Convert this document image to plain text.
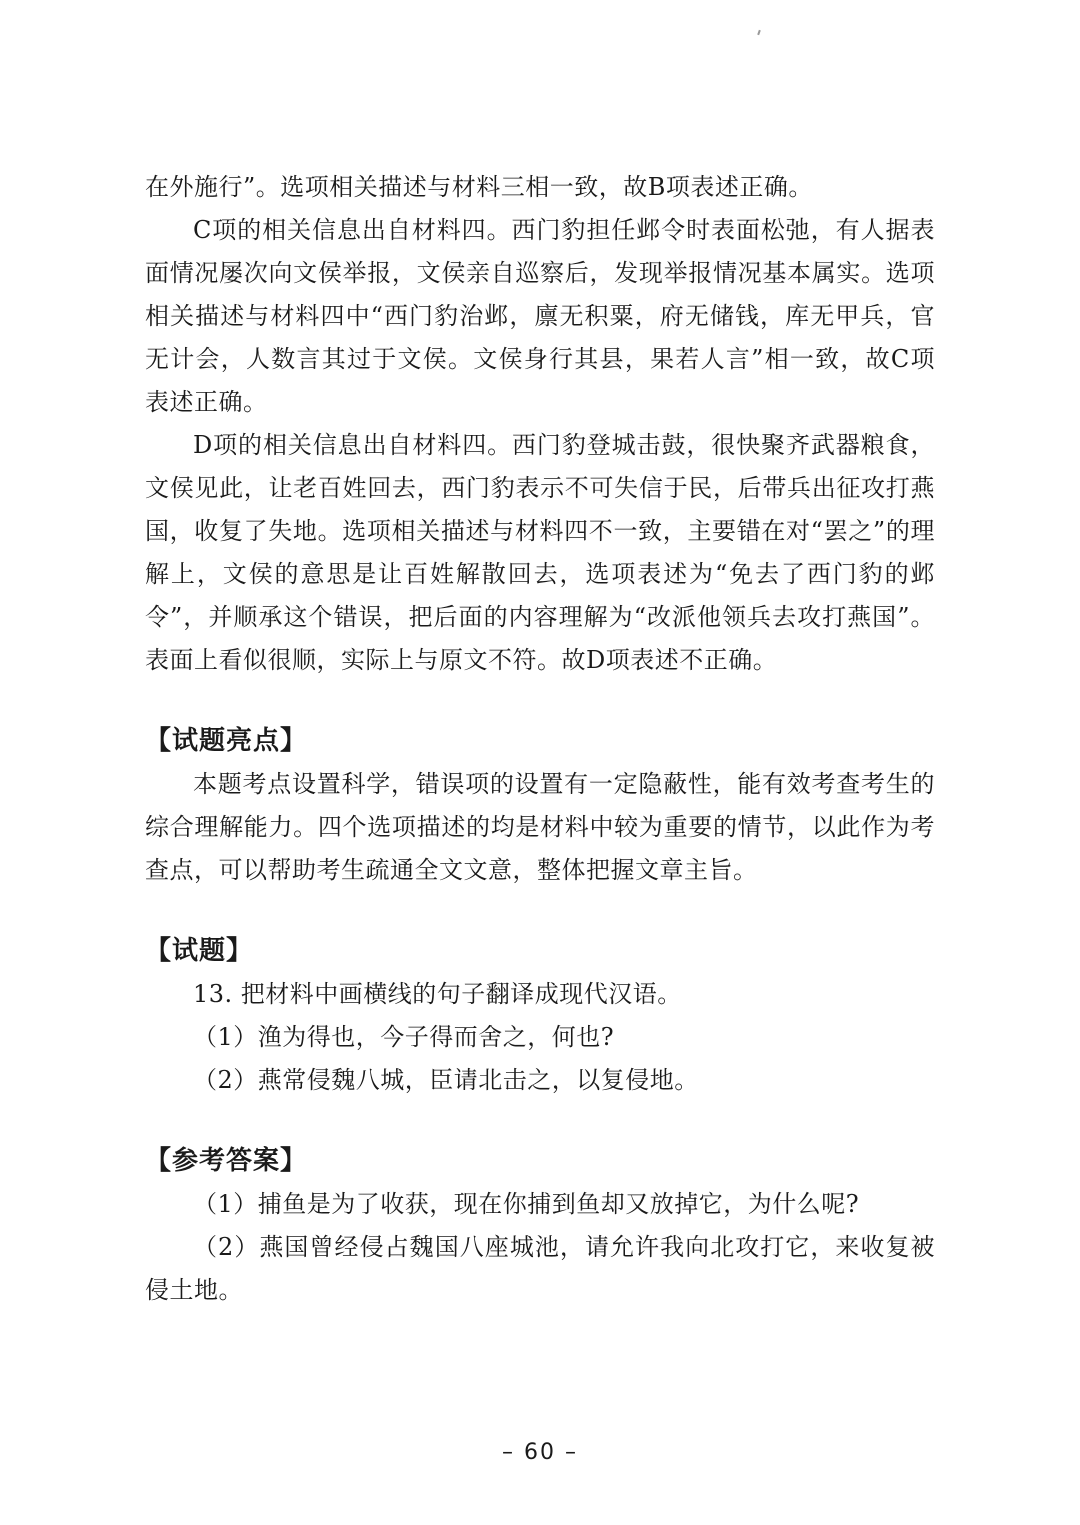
在外施行”。选项相关描述与材料三相一致，故B项表述正确。

C项的相关信息出自材料四。西门豹担任邺令时表面松弛，有人据表面情况屡次向文侯举报，文侯亲自巡察后，发现举报情况基本属实。选项相关描述与材料四中“西门豹治邺，廪无积粟，府无储钱，库无甲兵，官无计会，人数言其过于文侯。文侯身行其县，果若人言”相一致，故C项表述正确。

D项的相关信息出自材料四。西门豹登城击鼓，很快聚齐武器粮食，文侯见此，让老百姓回去，西门豹表示不可失信于民，后带兵出征攻打燕国，收复了失地。选项相关描述与材料四不一致，主要错在对“罢之”的理解上，文侯的意思是让百姓解散回去，选项表述为“免去了西门豹的邺令”，并顺承这个错误，把后面的内容理解为“改派他领兵去攻打燕国”。表面上看似很顺，实际上与原文不符。故D项表述不正确。

【试题亮点】

本题考点设置科学，错误项的设置有一定隐蔽性，能有效考查考生的综合理解能力。四个选项描述的均是材料中较为重要的情节，以此作为考查点，可以帮助考生疏通全文文意，整体把握文章主旨。

【试题】

13. 把材料中画横线的句子翻译成现代汉语。

（1）渔为得也，今子得而舍之，何也?

（2）燕常侵魏八城，臣请北击之，以复侵地。

【参考答案】

（1）捕鱼是为了收获，现在你捕到鱼却又放掉它，为什么呢?

（2）燕国曾经侵占魏国八座城池，请允许我向北攻打它，来收复被侵土地。

– 60 –
